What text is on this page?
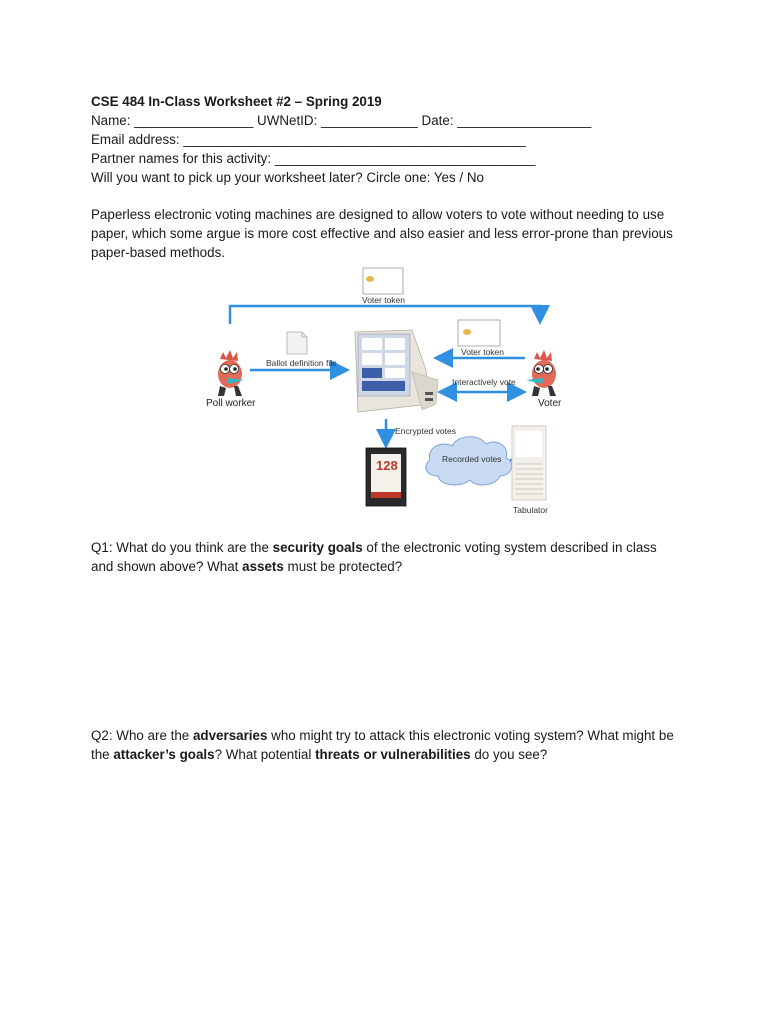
CSE 484 In-Class Worksheet #2 – Spring 2019
Name: ________________ UWNetID: _____________ Date: __________________
Email address: ______________________________________________
Partner names for this activity: ___________________________________
Will you want to pick up your worksheet later? Circle one: Yes / No
Paperless electronic voting machines are designed to allow voters to vote without needing to use paper, which some argue is more cost effective and also easier and less error-prone than previous paper-based methods.
Voter token
Ballot definition file
Voter token
Interactively vote
Poll worker	Voter
Encrypted votes
Recorded votes
128
Tabulator
Q1: What do you think are the security goals of the electronic voting system described in class and shown above? What assets must be protected?
Q2: Who are the adversaries who might try to attack this electronic voting system? What might be the attacker’s goals? What potential threats or vulnerabilities do you see?
